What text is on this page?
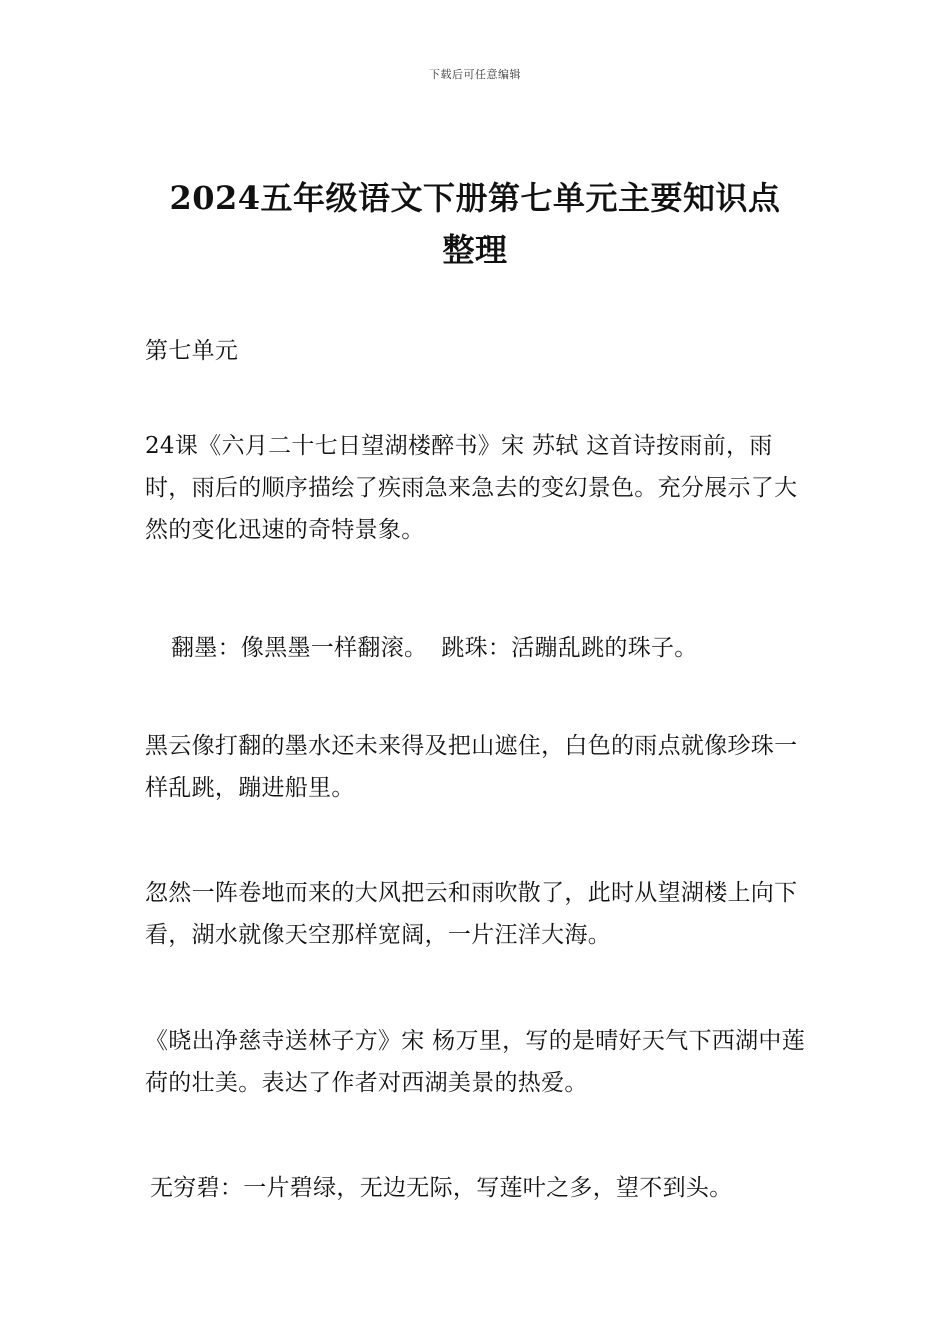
下载后可任意编辑
2024五年级语文下册第七单元主要知识点
整理

第七单元

24课《六月二十七日望湖楼醉书》宋 苏轼 这首诗按雨前，雨时，雨后的顺序描绘了疾雨急来急去的变幻景色。充分展示了大然的变化迅速的奇特景象。

翻墨：像黑墨一样翻滚。 跳珠：活蹦乱跳的珠子。

黑云像打翻的墨水还未来得及把山遮住，白色的雨点就像珍珠一样乱跳，蹦进船里。

忽然一阵卷地而来的大风把云和雨吹散了，此时从望湖楼上向下看，湖水就像天空那样宽阔，一片汪洋大海。

《晓出净慈寺送林子方》宋 杨万里，写的是晴好天气下西湖中莲荷的壮美。表达了作者对西湖美景的热爱。

无穷碧：一片碧绿，无边无际，写莲叶之多，望不到头。
